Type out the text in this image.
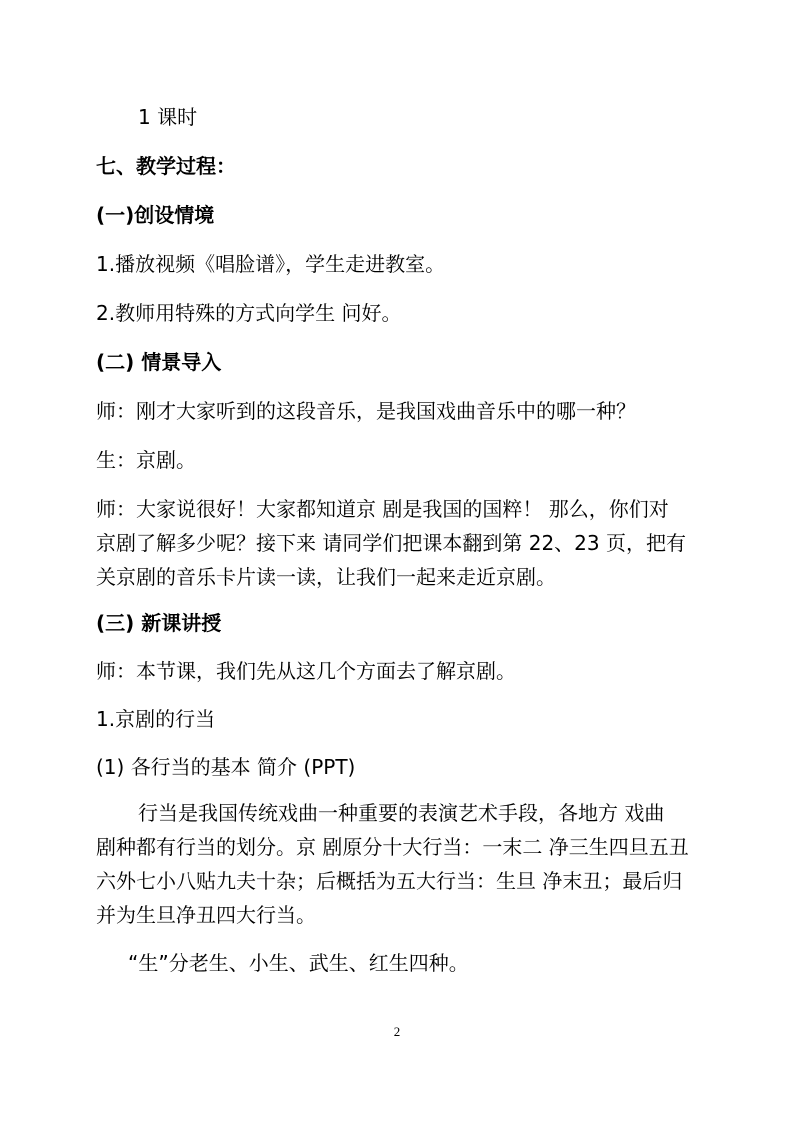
1 课时

七、教学过程：

(一)创设情境

1.播放视频《唱脸谱》，学生走进教室。

2.教师用特殊的方式向学生 问好。

(二) 情景导入

师：刚才大家听到的这段音乐，是我国戏曲音乐中的哪一种？

生：京剧。

师：大家说很好！大家都知道京 剧是我国的国粹！ 那么，你们对

京剧了解多少呢？接下来 请同学们把课本翻到第 22、23 页，把有

关京剧的音乐卡片读一读，让我们一起来走近京剧。

(三) 新课讲授

师：本节课，我们先从这几个方面去了解京剧。

1.京剧的行当

(1) 各行当的基本 简介 (PPT)

行当是我国传统戏曲一种重要的表演艺术手段，各地方 戏曲

剧种都有行当的划分。京 剧原分十大行当：一末二 净三生四旦五丑

六外七小八贴九夫十杂；后概括为五大行当：生旦 净末丑；最后归

并为生旦净丑四大行当。

“生”分老生、小生、武生、红生四种。

2
